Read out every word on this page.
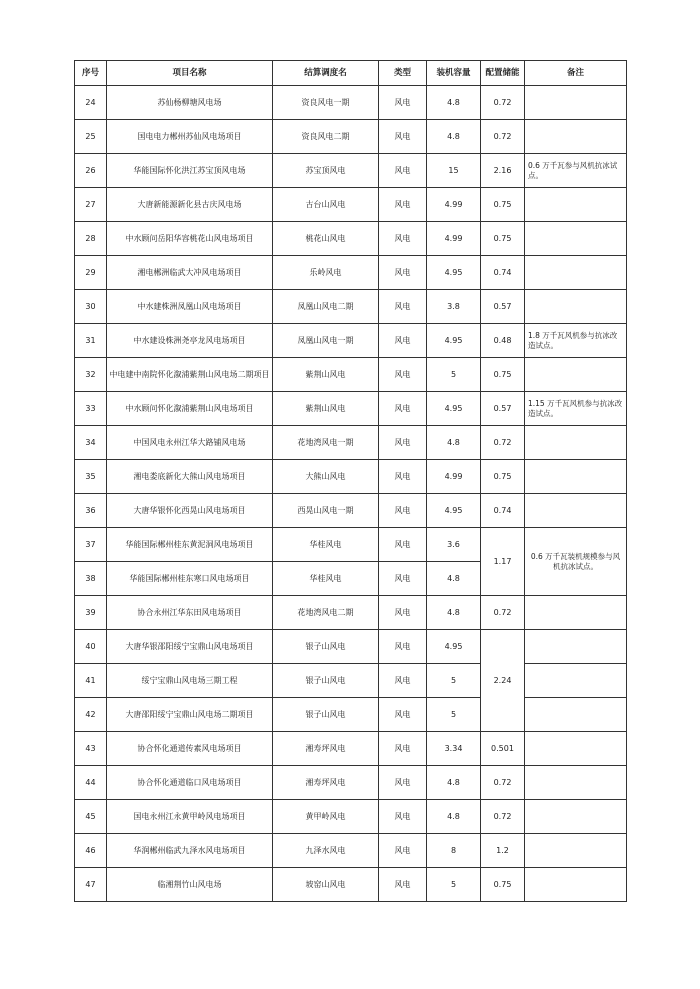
序号	项目名称	结算调度名	类型	装机容量	配置储能	备注
24	苏仙杨柳塘风电场	资良风电一期	风电	4.8	0.72	
25	国电电力郴州苏仙风电场项目	资良风电二期	风电	4.8	0.72	
26	华能国际怀化洪江苏宝顶风电场	苏宝顶风电	风电	15	2.16	0.6 万千瓦参与风机抗冰试点。
27	大唐新能源新化县古庆风电场	古台山风电	风电	4.99	0.75	
28	中水顾问岳阳华容桃花山风电场项目	桃花山风电	风电	4.99	0.75	
29	湘电郴洲临武大冲风电场项目	乐岭风电	风电	4.95	0.74	
30	中水建株洲凤凰山风电场项目	凤凰山风电二期	风电	3.8	0.57	
31	中水建设株洲尧亭龙风电场项目	凤凰山风电一期	风电	4.95	0.48	1.8 万千瓦风机参与抗冰改造试点。
32	中电建中南院怀化溆浦紫荆山风电场二期项目	紫荆山风电	风电	5	0.75	
33	中水顾问怀化溆浦紫荆山风电场项目	紫荆山风电	风电	4.95	0.57	1.15 万千瓦风机参与抗冰改造试点。
34	中国风电永州江华大路铺风电场	花地湾风电一期	风电	4.8	0.72	
35	湘电娄底新化大熊山风电场项目	大熊山风电	风电	4.99	0.75	
36	大唐华银怀化西晃山风电场项目	西晃山风电一期	风电	4.95	0.74	
37	华能国际郴州桂东黄泥洞风电场项目	华桂风电	风电	3.6	1.17	0.6 万千瓦装机规模参与风机抗冰试点。
38	华能国际郴州桂东寒口风电场项目	华桂风电	风电	4.8		
39	协合永州江华东田风电场项目	花地湾风电二期	风电	4.8	0.72	
40	大唐华银邵阳绥宁宝鼎山风电场项目	银子山风电	风电	4.95	2.24	
41	绥宁宝鼎山风电场三期工程	银子山风电	风电	5		
42	大唐邵阳绥宁宝鼎山风电场二期项目	银子山风电	风电	5		
43	协合怀化通道传素风电场项目	湘寿坪风电	风电	3.34	0.501	
44	协合怀化通道临口风电场项目	湘寿坪风电	风电	4.8	0.72	
45	国电永州江永黄甲岭风电场项目	黄甲岭风电	风电	4.8	0.72	
46	华润郴州临武九泽水风电场项目	九泽水风电	风电	8	1.2	
47	临湘荆竹山风电场	坡窑山风电	风电	5	0.75	
